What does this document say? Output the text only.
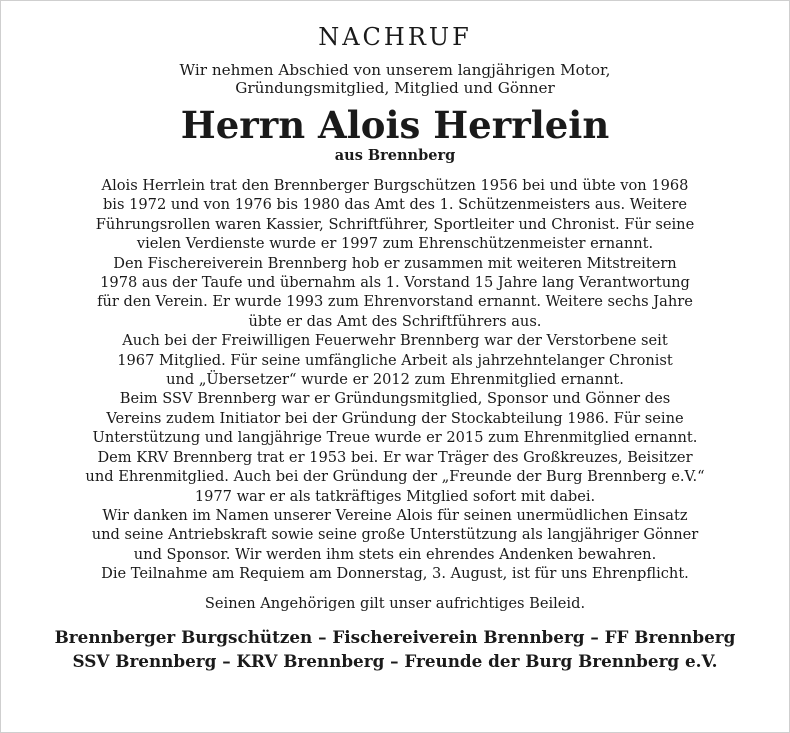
NACHRUF
Wir nehmen Abschied von unserem langjährigen Motor,
Gründungsmitglied, Mitglied und Gönner
Herrn Alois Herrlein
aus Brennberg
Alois Herrlein trat den Brennberger Burgschützen 1956 bei und übte von 1968
bis 1972 und von 1976 bis 1980 das Amt des 1. Schützenmeisters aus. Weitere
Führungsrollen waren Kassier, Schriftführer, Sportleiter und Chronist. Für seine
vielen Verdienste wurde er 1997 zum Ehrenschützenmeister ernannt.
Den Fischereiverein Brennberg hob er zusammen mit weiteren Mitstreitern
1978 aus der Taufe und übernahm als 1. Vorstand 15 Jahre lang Verantwortung
für den Verein. Er wurde 1993 zum Ehrenvorstand ernannt. Weitere sechs Jahre
übte er das Amt des Schriftführers aus.
Auch bei der Freiwilligen Feuerwehr Brennberg war der Verstorbene seit
1967 Mitglied. Für seine umfängliche Arbeit als jahrzehntelanger Chronist
und „Übersetzer“ wurde er 2012 zum Ehrenmitglied ernannt.
Beim SSV Brennberg war er Gründungsmitglied, Sponsor und Gönner des
Vereins zudem Initiator bei der Gründung der Stockabteilung 1986. Für seine
Unterstützung und langjährige Treue wurde er 2015 zum Ehrenmitglied ernannt.
Dem KRV Brennberg trat er 1953 bei. Er war Träger des Großkreuzes, Beisitzer
und Ehrenmitglied. Auch bei der Gründung der „Freunde der Burg Brennberg e.V.“
1977 war er als tatkräftiges Mitglied sofort mit dabei.
Wir danken im Namen unserer Vereine Alois für seinen unermüdlichen Einsatz
und seine Antriebskraft sowie seine große Unterstützung als langjähriger Gönner
und Sponsor. Wir werden ihm stets ein ehrendes Andenken bewahren.
Die Teilnahme am Requiem am Donnerstag, 3. August, ist für uns Ehrenpflicht.
Seinen Angehörigen gilt unser aufrichtiges Beileid.
Brennberger Burgschützen – Fischereiverein Brennberg – FF Brennberg
SSV Brennberg – KRV Brennberg – Freunde der Burg Brennberg e.V.
